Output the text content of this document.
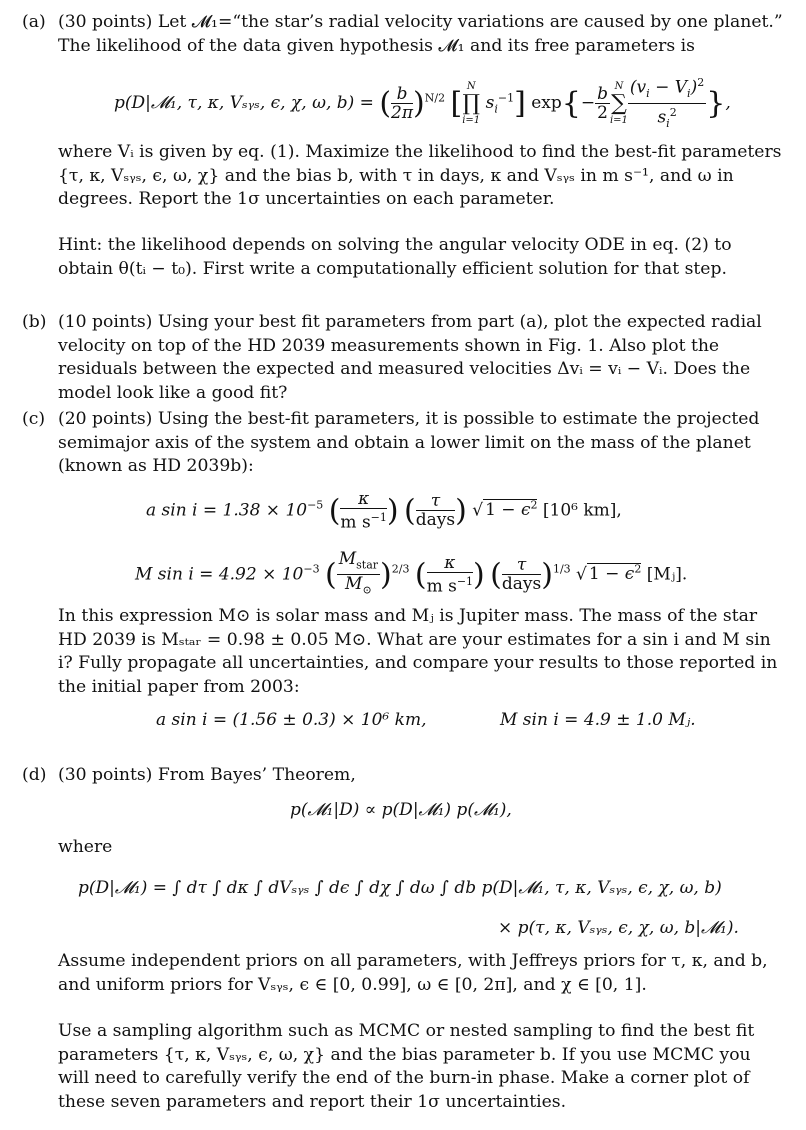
(a) (30 points) Let 𝓜₁=“the star’s radial velocity variations are caused by one planet.” The likelihood of the data given hypothesis 𝓜₁ and its free parameters is
p(D|𝓜₁, τ, κ, Vₛᵧₛ, ϵ, χ, ω, b) = ( $\frac{b}{2\pi} )^{N/2}$ [ N
∏
i=1
$s_i^{-1}$] $\exp\{- \frac{b}{2}$ N
∑
$i=1 \frac{(v_i - V_i)^2}{s_i^2}$ },
where Vᵢ is given by eq. (1). Maximize the likelihood to find the best-fit parameters {τ, κ, Vₛᵧₛ, ϵ, ω, χ} and the bias b, with τ in days, κ and Vₛᵧₛ in m s⁻¹, and ω in degrees. Report the 1σ uncertainties on each parameter.
Hint: the likelihood depends on solving the angular velocity ODE in eq. (2) to obtain θ(tᵢ − t₀). First write a computationally efficient solution for that step.
(b) (10 points) Using your best fit parameters from part (a), plot the expected radial velocity on top of the HD 2039 measurements shown in Fig. 1. Also plot the residuals between the expected and measured velocities Δvᵢ = vᵢ − Vᵢ. Does the model look like a good fit?
(c) (20 points) Using the best-fit parameters, it is possible to estimate the projected semimajor axis of the system and obtain a lower limit on the mass of the planet (known as HD 2039b):
a $\sin i = 1.38 \times 10^{-5}$ ( $\frac{\kappa}{m s^{-1}}$ ) ( $\frac{\tau}{\text{days}}$ ) √ $1 - \epsilon^2$ [10⁶ km],
M $\sin i = 4.92 \times 10^{-3}$ ( $\frac{M_{star}}{M_⊙} )^{2/3}$ ( $\frac{\kappa}{m s^{-1}}$ ) ( $\frac{\tau}{\text{days}} )^{1/3}$ √ $1 - \epsilon^2$ [Mⱼ].
In this expression M⊙ is solar mass and Mⱼ is Jupiter mass. The mass of the star HD 2039 is Mₛₜₐᵣ = 0.98 ± 0.05 M⊙. What are your estimates for a sin i and M sin i? Fully propagate all uncertainties, and compare your results to those reported in the initial paper from 2003:
a sin i = (1.56 ± 0.3) × 10⁶ km,	M sin i = 4.9 ± 1.0 Mⱼ.
(d) (30 points) From Bayes’ Theorem,
p(𝓜₁|D) ∝ p(D|𝓜₁) p(𝓜₁),
where
p(D|𝓜₁) = ∫ dτ ∫ dκ ∫ dVₛᵧₛ ∫ dϵ ∫ dχ ∫ dω ∫ db p(D|𝓜₁, τ, κ, Vₛᵧₛ, ϵ, χ, ω, b)
× p(τ, κ, Vₛᵧₛ, ϵ, χ, ω, b|𝓜₁).
Assume independent priors on all parameters, with Jeffreys priors for τ, κ, and b, and uniform priors for Vₛᵧₛ, ϵ ∈ [0, 0.99], ω ∈ [0, 2π], and χ ∈ [0, 1].
Use a sampling algorithm such as MCMC or nested sampling to find the best fit parameters {τ, κ, Vₛᵧₛ, ϵ, ω, χ} and the bias parameter b. If you use MCMC you will need to carefully verify the end of the burn-in phase. Make a corner plot of these seven parameters and report their 1σ uncertainties.
